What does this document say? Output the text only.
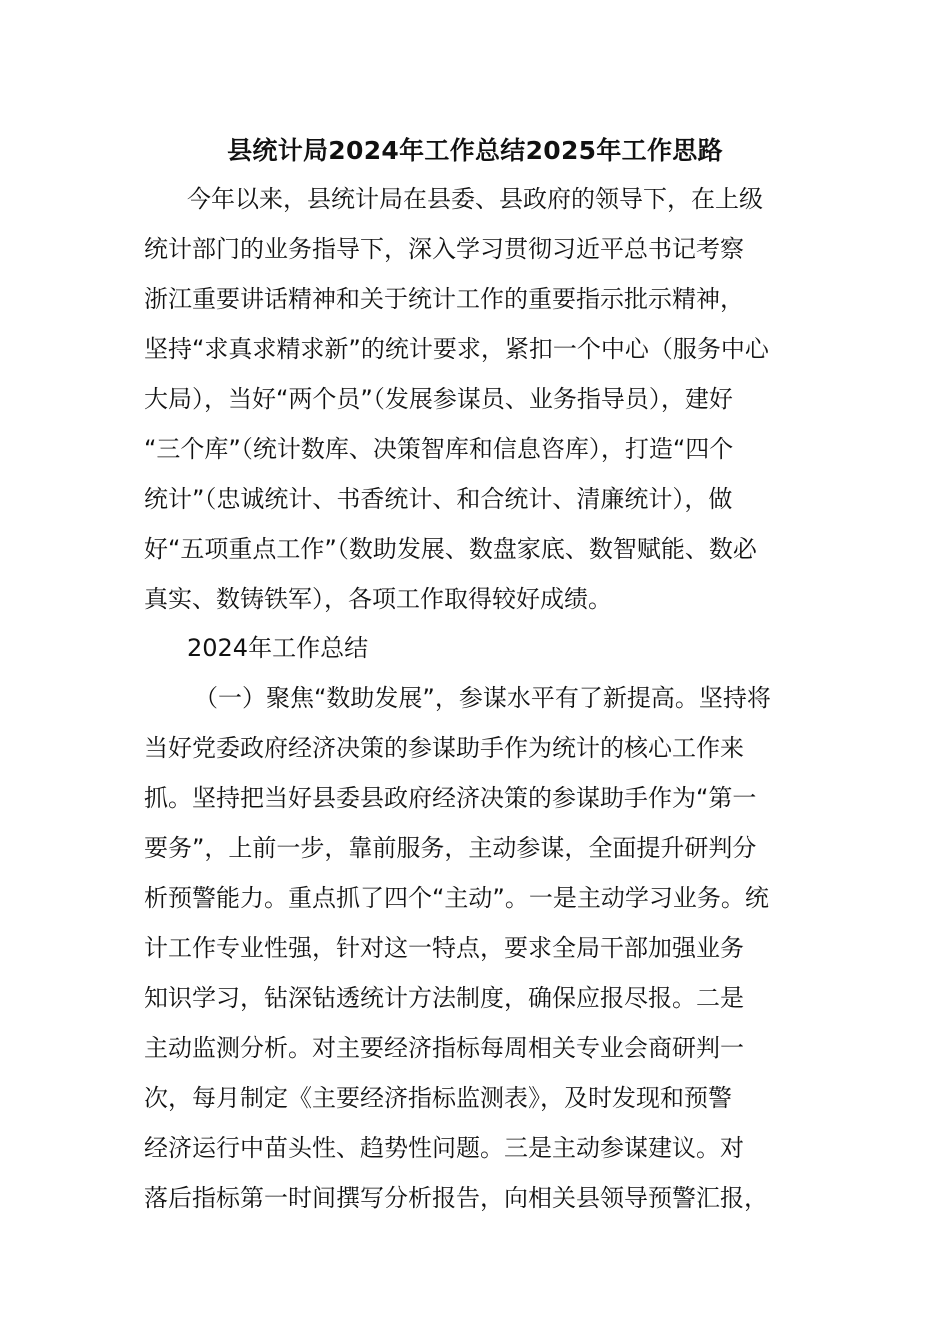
县统计局2024年工作总结2025年工作思路
今年以来，县统计局在县委、县政府的领导下，在上级
统计部门的业务指导下，深入学习贯彻习近平总书记考察
浙江重要讲话精神和关于统计工作的重要指示批示精神，
坚持“求真求精求新”的统计要求，紧扣一个中心（服务中心
大局），当好“两个员”（发展参谋员、业务指导员），建好
“三个库”（统计数库、决策智库和信息咨库），打造“四个
统计”（忠诚统计、书香统计、和合统计、清廉统计），做
好“五项重点工作”（数助发展、数盘家底、数智赋能、数必
真实、数铸铁军），各项工作取得较好成绩。
2024年工作总结
（一）聚焦“数助发展”，参谋水平有了新提高。坚持将
当好党委政府经济决策的参谋助手作为统计的核心工作来
抓。坚持把当好县委县政府经济决策的参谋助手作为“第一
要务”，上前一步，靠前服务，主动参谋，全面提升研判分
析预警能力。重点抓了四个“主动”。一是主动学习业务。统
计工作专业性强，针对这一特点，要求全局干部加强业务
知识学习，钻深钻透统计方法制度，确保应报尽报。二是
主动监测分析。对主要经济指标每周相关专业会商研判一
次，每月制定《主要经济指标监测表》，及时发现和预警
经济运行中苗头性、趋势性问题。三是主动参谋建议。对
落后指标第一时间撰写分析报告，向相关县领导预警汇报，
